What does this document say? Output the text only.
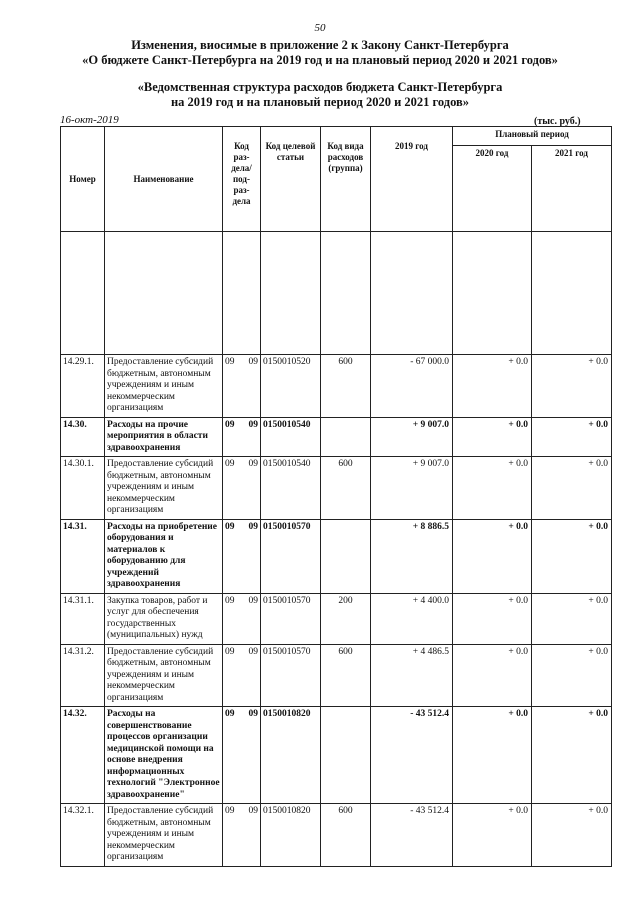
50
Изменения, виосимые в приложение 2 к Закону Санкт-Петербурга
«О бюджете Санкт-Петербурга на 2019 год и на плановый период 2020 и 2021 годов»
«Ведомственная структура расходов бюджета Санкт-Петербурга
на 2019 год и на плановый период 2020 и 2021 годов»
16-окт-2019	(тыс. руб.)
Номер	Наименование	Код раз-дела/ под-раз-дела	Код целевой статьи	Код вида расходов (группа)	2019 год	Плановый период	
						2020 год	2021 год

14.29.1.	Предоставление субсидий бюджетным, автономным учреждениям и иным некоммерческим организациям	09 09	0150010520	600	- 67 000.0	+ 0.0	+ 0.0
14.30.	Расходы на прочие мероприятия в области здравоохранения	09 09	0150010540		+ 9 007.0	+ 0.0	+ 0.0
14.30.1.	Предоставление субсидий бюджетным, автономным учреждениям и иным некоммерческим организациям	09 09	0150010540	600	+ 9 007.0	+ 0.0	+ 0.0
14.31.	Расходы на приобретение оборудования и материалов к оборудованию для учреждений здравоохранения	09 09	0150010570		+ 8 886.5	+ 0.0	+ 0.0
14.31.1.	Закупка товаров, работ и услуг для обеспечения государственных (муниципальных) нужд	09 09	0150010570	200	+ 4 400.0	+ 0.0	+ 0.0
14.31.2.	Предоставление субсидий бюджетным, автономным учреждениям и иным некоммерческим организациям	09 09	0150010570	600	+ 4 486.5	+ 0.0	+ 0.0
14.32.	Расходы на совершенствование процессов организации медицинской помощи на основе внедрения информационных технологий "Электронное здравоохранение"	09 09	0150010820		- 43 512.4	+ 0.0	+ 0.0
14.32.1.	Предоставление субсидий бюджетным, автономным учреждениям и иным некоммерческим организациям	09 09	0150010820	600	- 43 512.4	+ 0.0	+ 0.0
